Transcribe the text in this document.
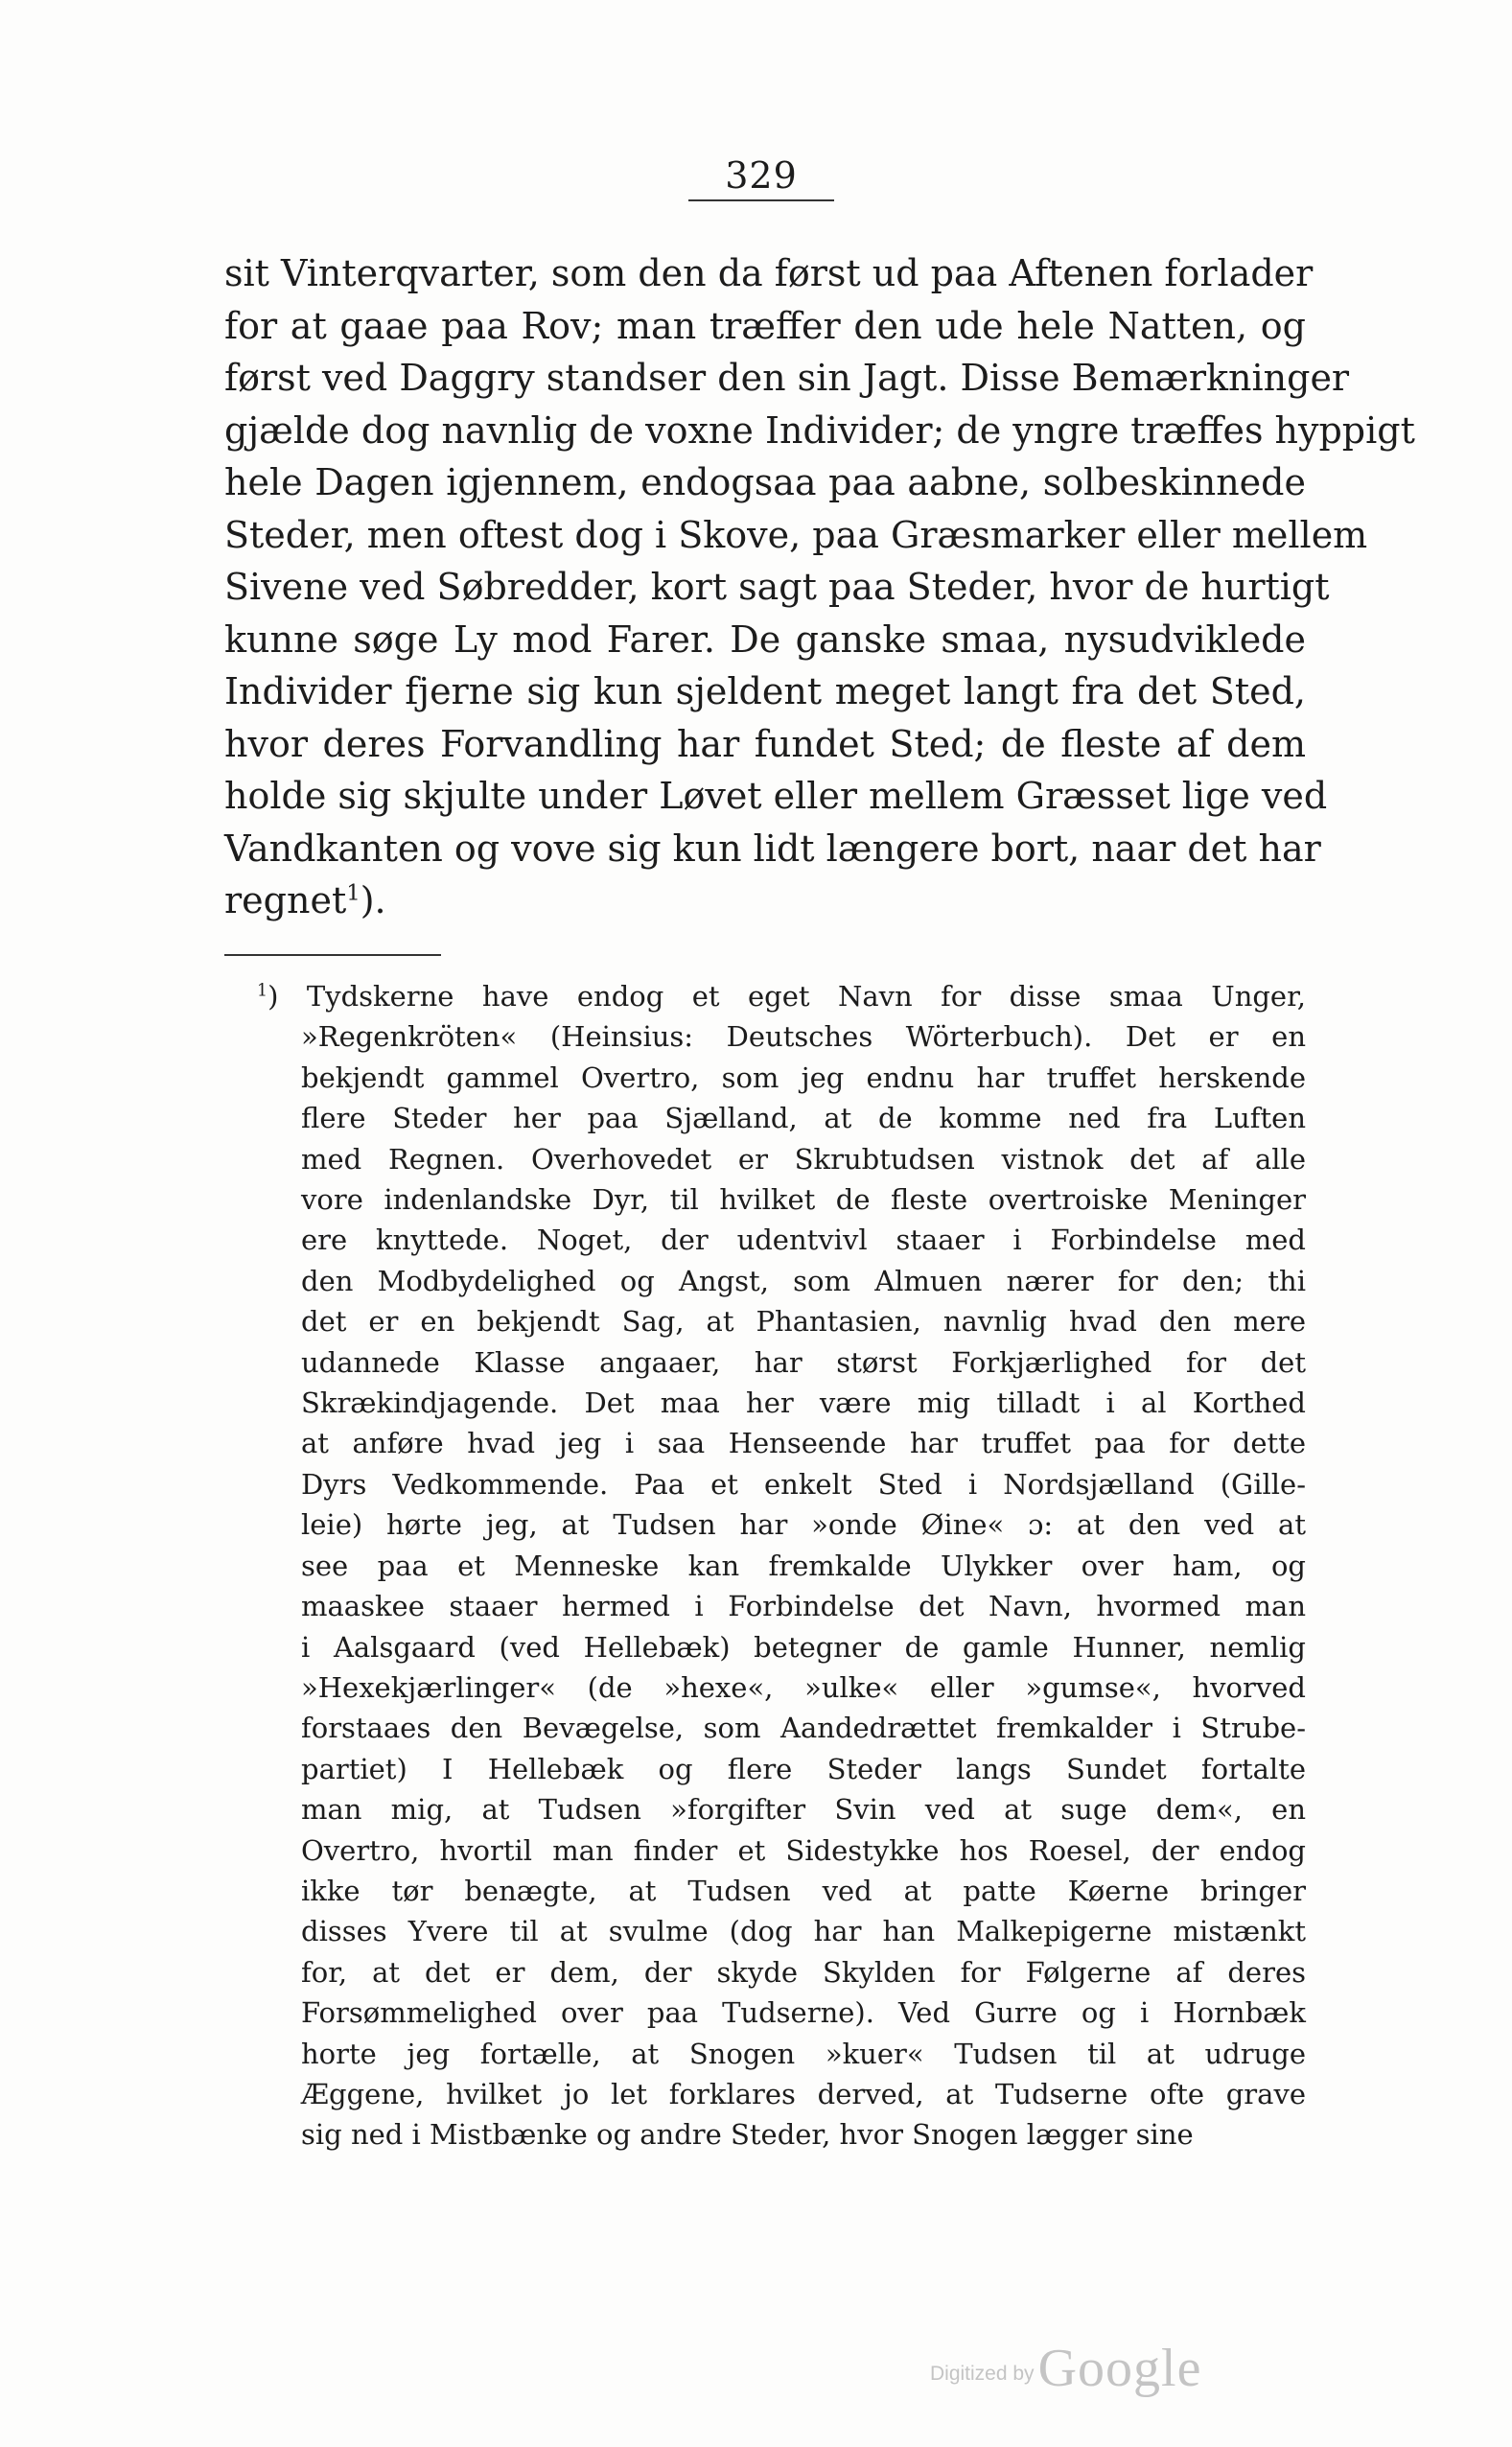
329
sit Vinterqvarter, som den da først ud paa Aftenen forlader
for at gaae paa Rov; man træffer den ude hele Natten, og
først ved Daggry standser den sin Jagt. Disse Bemærkninger
gjælde dog navnlig de voxne Individer; de yngre træffes hyppigt
hele Dagen igjennem, endogsaa paa aabne, solbeskinnede
Steder, men oftest dog i Skove, paa Græsmarker eller mellem
Sivene ved Søbredder, kort sagt paa Steder, hvor de hurtigt
kunne søge Ly mod Farer. De ganske smaa, nysudviklede
Individer fjerne sig kun sjeldent meget langt fra det Sted,
hvor deres Forvandling har fundet Sted; de fleste af dem
holde sig skjulte under Løvet eller mellem Græsset lige ved
Vandkanten og vove sig kun lidt længere bort, naar det har
regnet$^1$).
$^1$) Tydskerne have endog et eget Navn for disse smaa Unger,
»Regenkröten« (Heinsius: Deutsches Wörterbuch). Det er en
bekjendt gammel Overtro, som jeg endnu har truffet herskende
flere Steder her paa Sjælland, at de komme ned fra Luften
med Regnen. Overhovedet er Skrubtudsen vistnok det af alle
vore indenlandske Dyr, til hvilket de fleste overtroiske Meninger
ere knyttede. Noget, der udentvivl staaer i Forbindelse med
den Modbydelighed og Angst, som Almuen nærer for den; thi
det er en bekjendt Sag, at Phantasien, navnlig hvad den mere
udannede Klasse angaaer, har størst Forkjærlighed for det
Skrækindjagende. Det maa her være mig tilladt i al Korthed
at anføre hvad jeg i saa Henseende har truffet paa for dette
Dyrs Vedkommende. Paa et enkelt Sted i Nordsjælland (Gille-
leie) hørte jeg, at Tudsen har »onde Øine« ɔ: at den ved at
see paa et Menneske kan fremkalde Ulykker over ham, og
maaskee staaer hermed i Forbindelse det Navn, hvormed man
i Aalsgaard (ved Hellebæk) betegner de gamle Hunner, nemlig
»Hexekjærlinger« (de »hexe«, »ulke« eller »gumse«, hvorved
forstaaes den Bevægelse, som Aandedrættet fremkalder i Strube-
partiet) I Hellebæk og flere Steder langs Sundet fortalte
man mig, at Tudsen »forgifter Svin ved at suge dem«, en
Overtro, hvortil man finder et Sidestykke hos Roesel, der endog
ikke tør benægte, at Tudsen ved at patte Køerne bringer
disses Yvere til at svulme (dog har han Malkepigerne mistænkt
for, at det er dem, der skyde Skylden for Følgerne af deres
Forsømmelighed over paa Tudserne). Ved Gurre og i Hornbæk
horte jeg fortælle, at Snogen »kuer« Tudsen til at udruge
Æggene, hvilket jo let forklares derved, at Tudserne ofte grave
sig ned i Mistbænke og andre Steder, hvor Snogen lægger sine
Digitized byGoogle
